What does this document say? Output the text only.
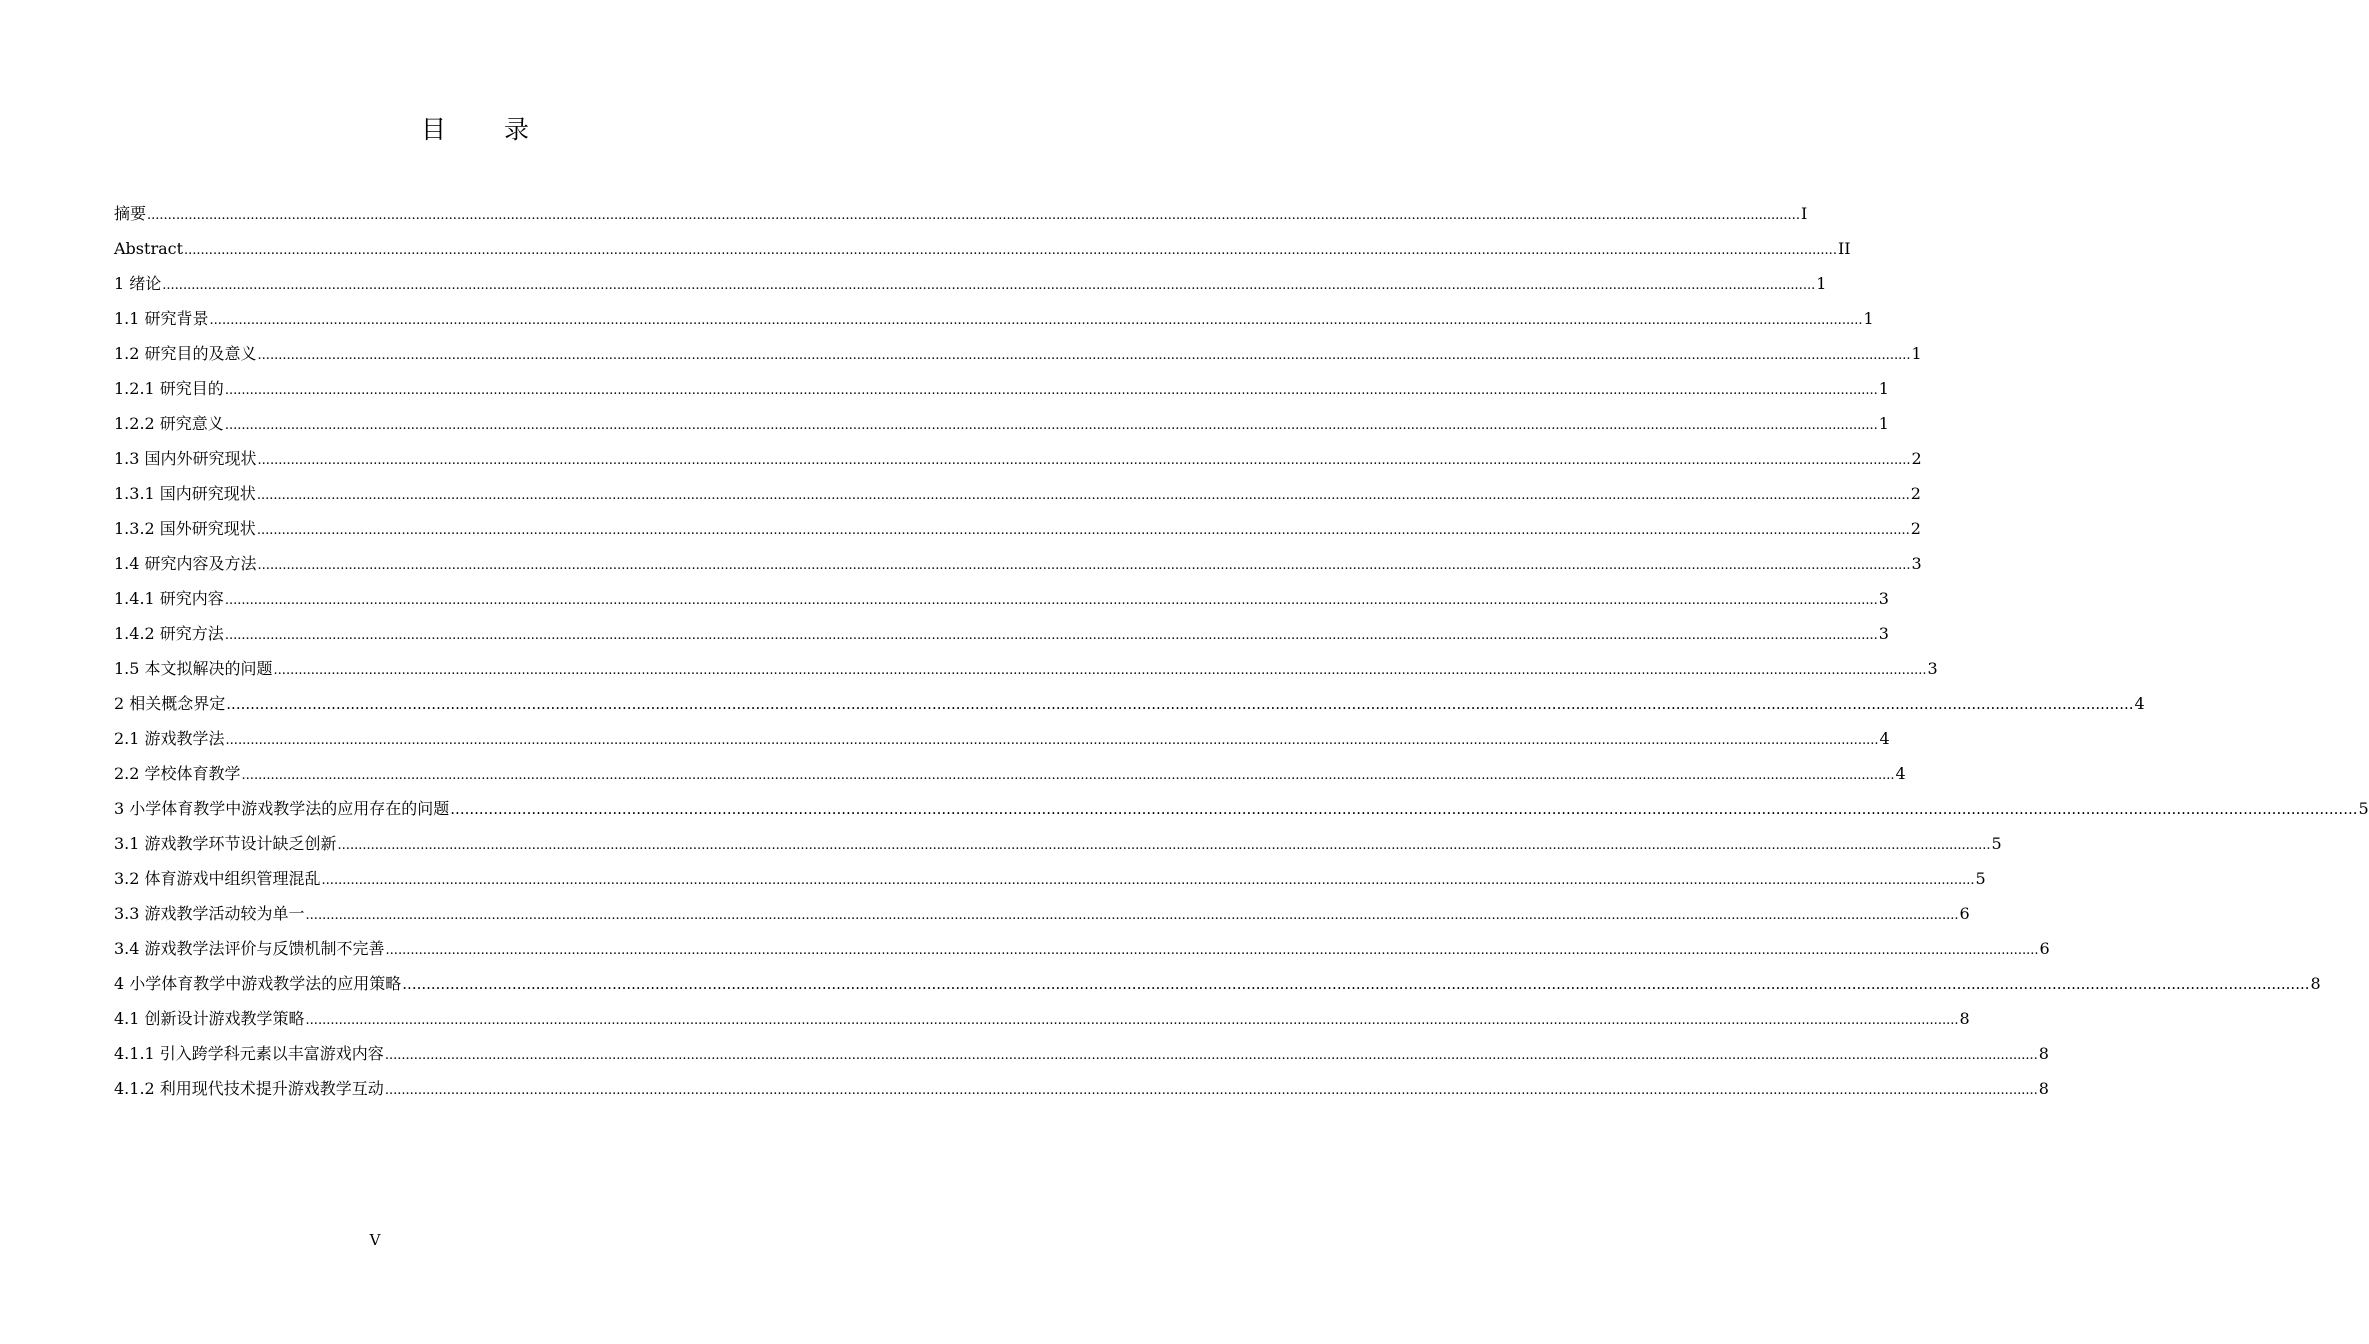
目 录
摘要 ................................................................................................................................................................................................................................................................................................................................................................................................................ I
Abstract ................................................................................................................................................................................................................................................................................................................................................................................................................ II
1 绪论 ................................................................................................................................................................................................................................................................................................................................................................................................................ 1
1.1 研究背景 ................................................................................................................................................................................................................................................................................................................................................................................................................ 1
1.2 研究目的及意义 ................................................................................................................................................................................................................................................................................................................................................................................................................ 1
1.2.1 研究目的 ................................................................................................................................................................................................................................................................................................................................................................................................................ 1
1.2.2 研究意义 ................................................................................................................................................................................................................................................................................................................................................................................................................ 1
1.3 国内外研究现状 ................................................................................................................................................................................................................................................................................................................................................................................................................ 2
1.3.1 国内研究现状 ................................................................................................................................................................................................................................................................................................................................................................................................................ 2
1.3.2 国外研究现状 ................................................................................................................................................................................................................................................................................................................................................................................................................ 2
1.4 研究内容及方法 ................................................................................................................................................................................................................................................................................................................................................................................................................ 3
1.4.1 研究内容 ................................................................................................................................................................................................................................................................................................................................................................................................................ 3
1.4.2 研究方法 ................................................................................................................................................................................................................................................................................................................................................................................................................ 3
1.5 本文拟解决的问题 ................................................................................................................................................................................................................................................................................................................................................................................................................ 3
2 相关概念界定 ................................................................................................................................................................................................................................................................................................................................................................................................................ 4
2.1 游戏教学法 ................................................................................................................................................................................................................................................................................................................................................................................................................ 4
2.2 学校体育教学 ................................................................................................................................................................................................................................................................................................................................................................................................................ 4
3 小学体育教学中游戏教学法的应用存在的问题 ................................................................................................................................................................................................................................................................................................................................................................................................................ 5
3.1 游戏教学环节设计缺乏创新 ................................................................................................................................................................................................................................................................................................................................................................................................................ 5
3.2 体育游戏中组织管理混乱 ................................................................................................................................................................................................................................................................................................................................................................................................................ 5
3.3 游戏教学活动较为单一 ................................................................................................................................................................................................................................................................................................................................................................................................................ 6
3.4 游戏教学法评价与反馈机制不完善 ................................................................................................................................................................................................................................................................................................................................................................................................................ 6
4 小学体育教学中游戏教学法的应用策略 ................................................................................................................................................................................................................................................................................................................................................................................................................ 8
4.1 创新设计游戏教学策略 ................................................................................................................................................................................................................................................................................................................................................................................................................ 8
4.1.1 引入跨学科元素以丰富游戏内容 ................................................................................................................................................................................................................................................................................................................................................................................................................ 8
4.1.2 利用现代技术提升游戏教学互动 ................................................................................................................................................................................................................................................................................................................................................................................................................ 8
V
